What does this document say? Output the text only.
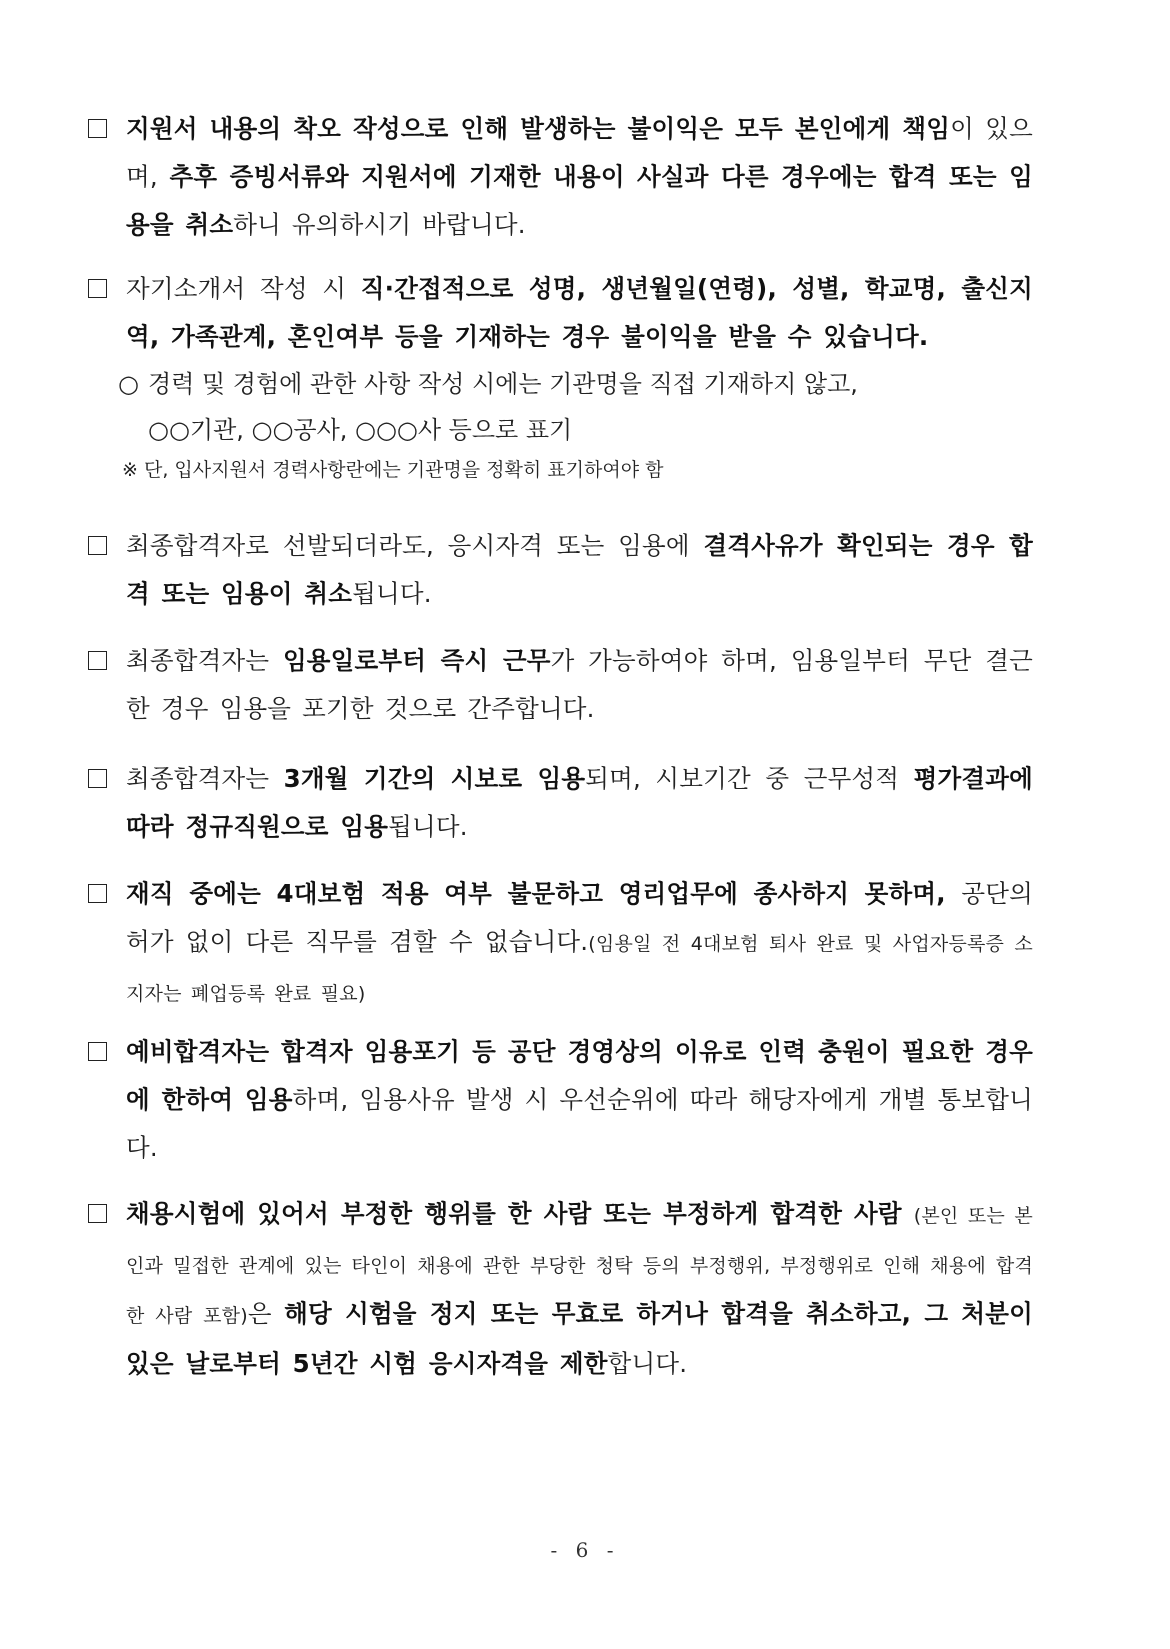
지원서 내용의 착오 작성으로 인해 발생하는 불이익은 모두 본인에게 책임이 있으며, 추후 증빙서류와 지원서에 기재한 내용이 사실과 다른 경우에는 합격 또는 임용을 취소하니 유의하시기 바랍니다.
자기소개서 작성 시 직·간접적으로 성명, 생년월일(연령), 성별, 학교명, 출신지역, 가족관계, 혼인여부 등을 기재하는 경우 불이익을 받을 수 있습니다.
○ 경력 및 경험에 관한 사항 작성 시에는 기관명을 직접 기재하지 않고,
○○기관, ○○공사, ○○○사 등으로 표기
※ 단, 입사지원서 경력사항란에는 기관명을 정확히 표기하여야 함
최종합격자로 선발되더라도, 응시자격 또는 임용에 결격사유가 확인되는 경우 합격 또는 임용이 취소됩니다.
최종합격자는 임용일로부터 즉시 근무가 가능하여야 하며, 임용일부터 무단 결근한 경우 임용을 포기한 것으로 간주합니다.
최종합격자는 3개월 기간의 시보로 임용되며, 시보기간 중 근무성적 평가결과에 따라 정규직원으로 임용됩니다.
재직 중에는 4대보험 적용 여부 불문하고 영리업무에 종사하지 못하며, 공단의 허가 없이 다른 직무를 겸할 수 없습니다.(임용일 전 4대보험 퇴사 완료 및 사업자등록증 소지자는 폐업등록 완료 필요)
예비합격자는 합격자 임용포기 등 공단 경영상의 이유로 인력 충원이 필요한 경우에 한하여 임용하며, 임용사유 발생 시 우선순위에 따라 해당자에게 개별 통보합니다.
채용시험에 있어서 부정한 행위를 한 사람 또는 부정하게 합격한 사람 (본인 또는 본인과 밀접한 관계에 있는 타인이 채용에 관한 부당한 청탁 등의 부정행위, 부정행위로 인해 채용에 합격한 사람 포함)은 해당 시험을 정지 또는 무효로 하거나 합격을 취소하고, 그 처분이 있은 날로부터 5년간 시험 응시자격을 제한합니다.
- 6 -
